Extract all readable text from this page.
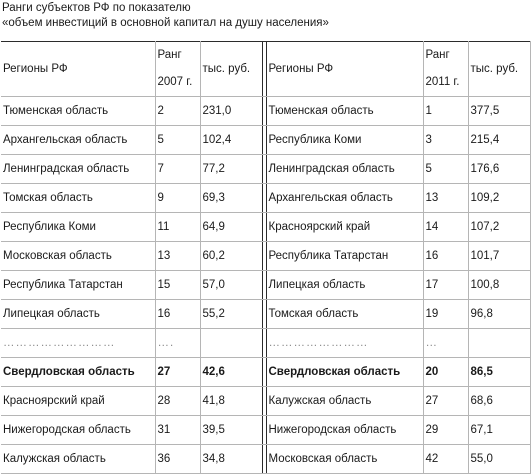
Ранги субъектов РФ по показателю
«объем инвестиций в основной капитал на душу населения»
Регионы РФ	Ранг 2007 г.	тыс. руб.		Регионы РФ	Ранг 2011 г.	тыс. руб.
Тюменская область	2	231,0		Тюменская область	1	377,5
Архангельская область	5	102,4		Республика Коми	3	215,4
Ленинградская область	7	77,2		Ленинградская область	5	176,6
Томская область	9	69,3		Архангельская область	13	109,2
Республика Коми	11	64,9		Красноярский край	14	107,2
Московская область	13	60,2		Республика Татарстан	16	101,7
Республика Татарстан	15	57,0		Липецкая область	17	100,8
Липецкая область	16	55,2		Томская область	19	96,8
………………………	….			……………………	…	
Свердловская область	27	42,6		Свердловская область	20	86,5
Красноярский край	28	41,8		Калужская область	27	68,6
Нижегородская область	31	39,5		Нижегородская область	29	67,1
Калужская область	36	34,8		Московская область	42	55,0
